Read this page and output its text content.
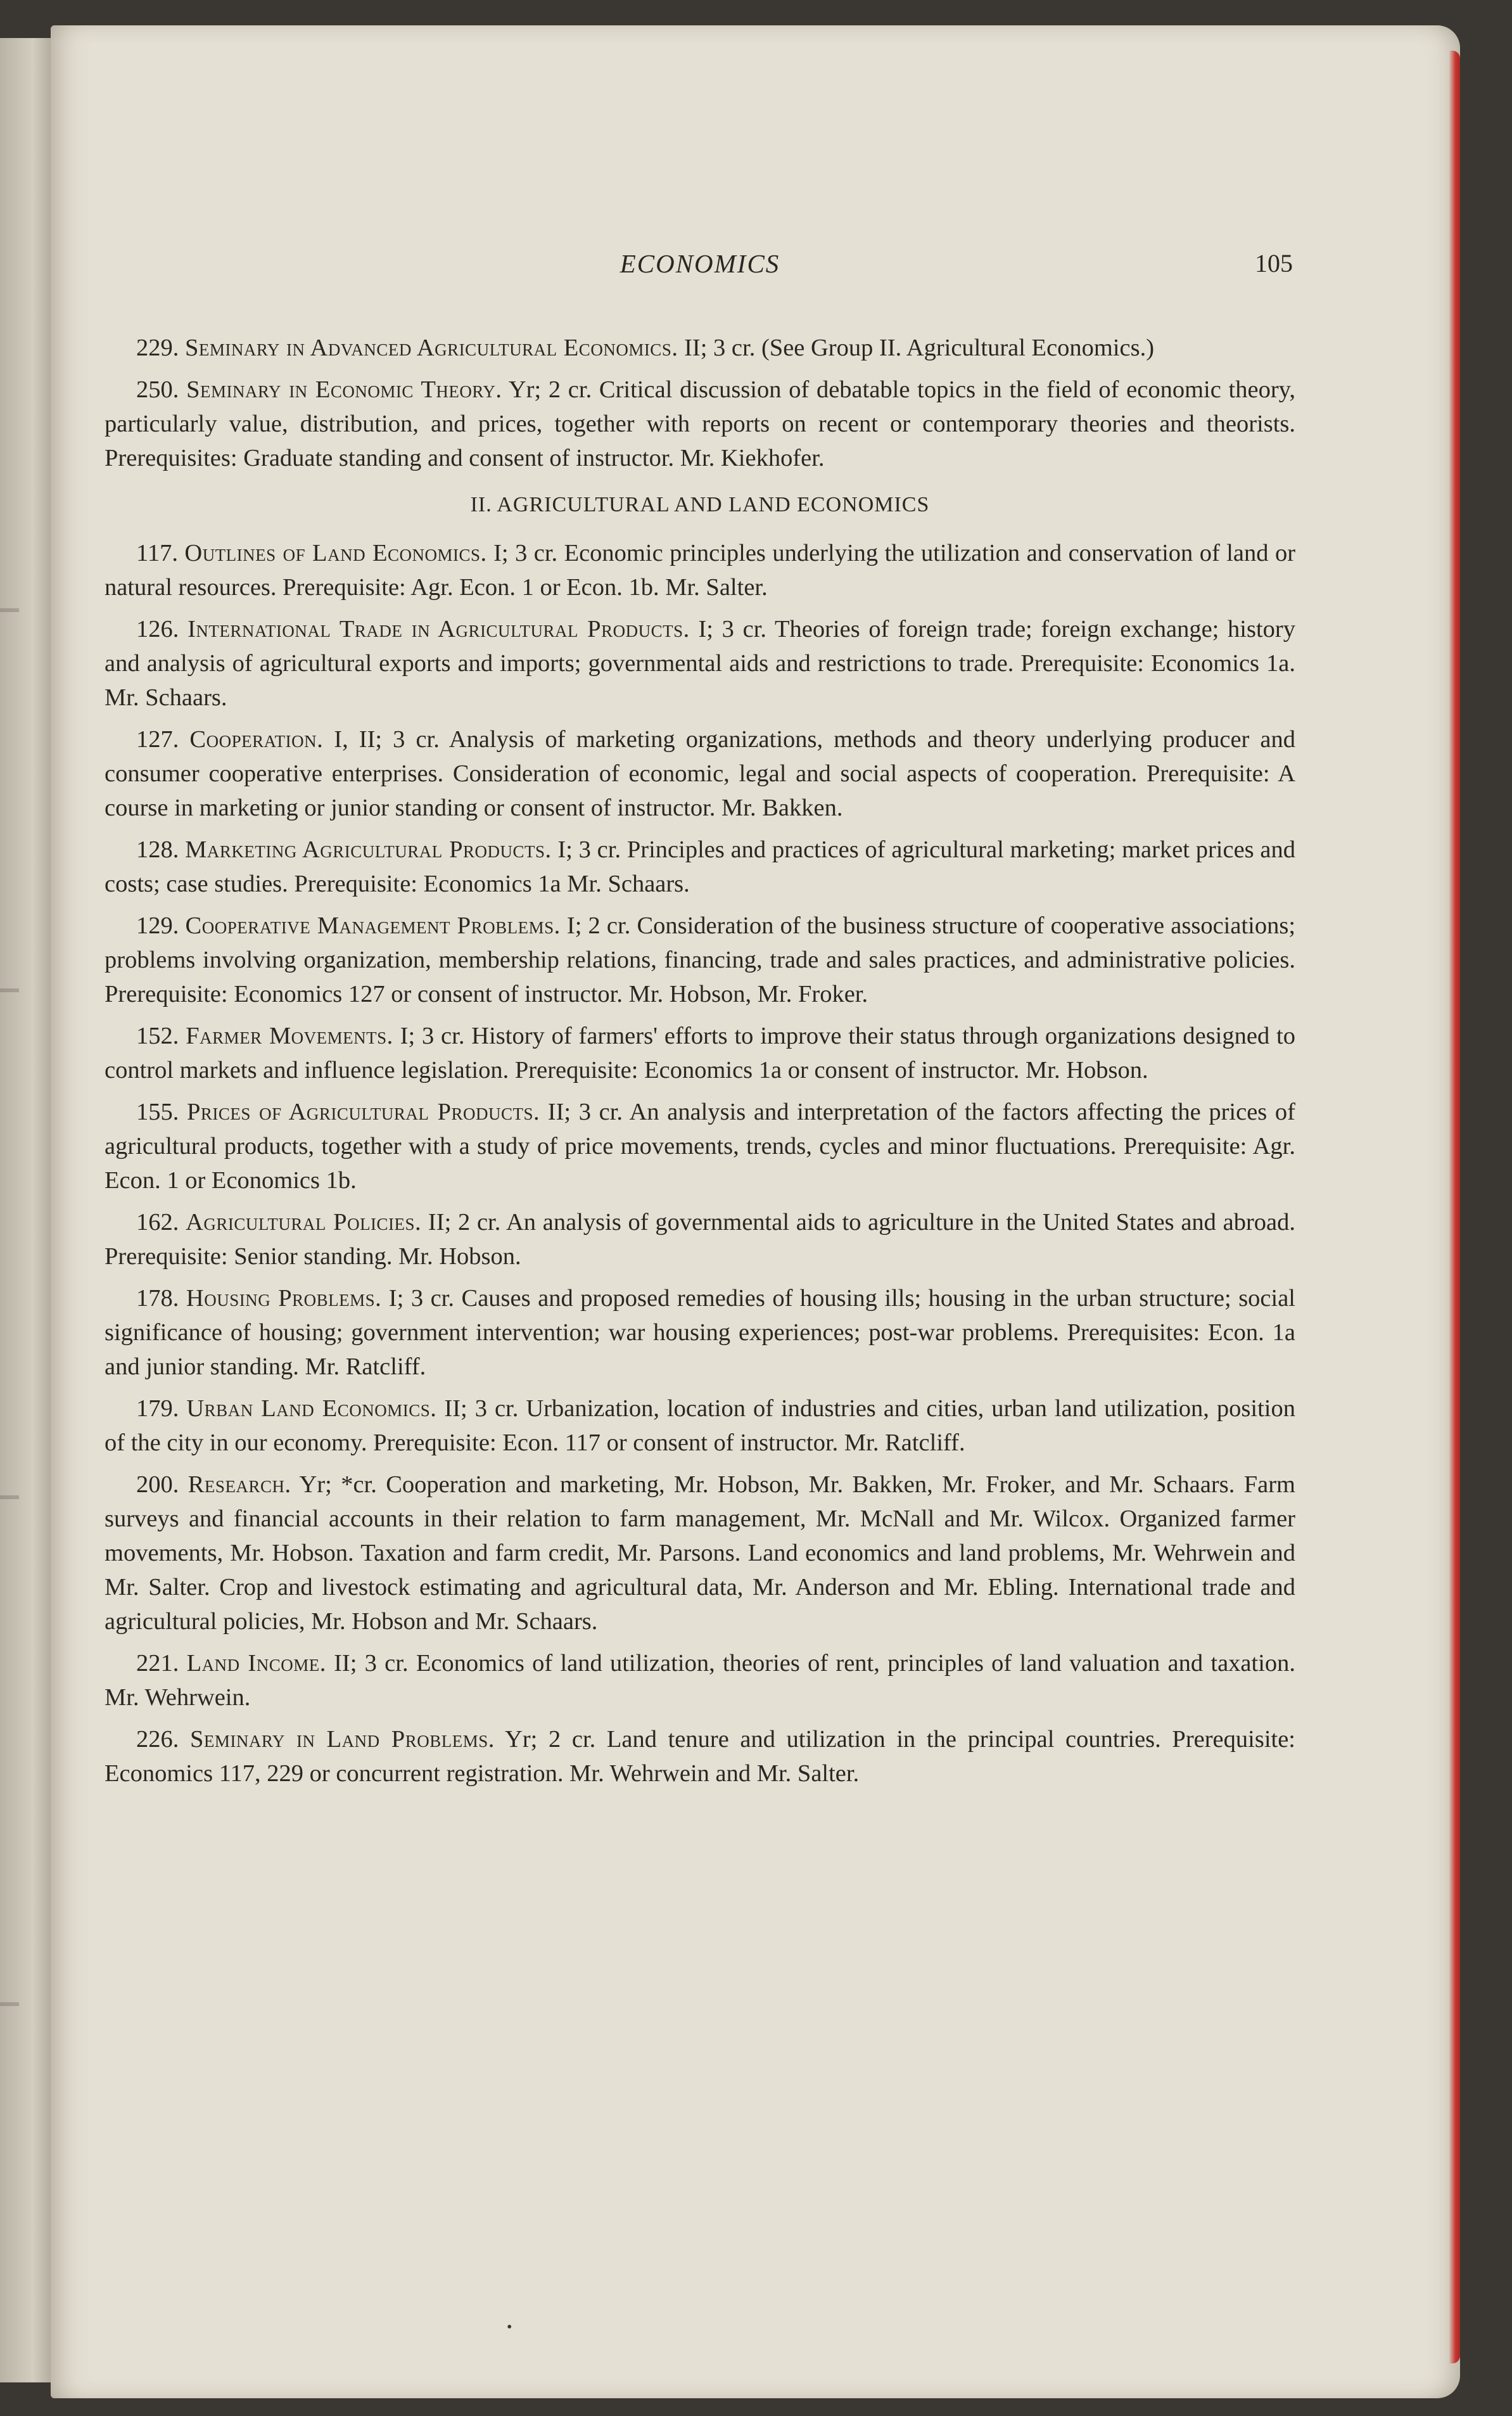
ECONOMICS	105

229. Seminary in Advanced Agricultural Economics. II; 3 cr. (See Group II. Agricultural Economics.)

250. Seminary in Economic Theory. Yr; 2 cr. Critical discussion of debatable topics in the field of economic theory, particularly value, distribution, and prices, together with reports on recent or contemporary theories and theorists. Prerequisites: Graduate standing and consent of instructor. Mr. Kiekhofer.

II. AGRICULTURAL AND LAND ECONOMICS

117. Outlines of Land Economics. I; 3 cr. Economic principles underlying the utilization and conservation of land or natural resources. Prerequisite: Agr. Econ. 1 or Econ. 1b. Mr. Salter.

126. International Trade in Agricultural Products. I; 3 cr. Theories of foreign trade; foreign exchange; history and analysis of agricultural exports and imports; governmental aids and restrictions to trade. Prerequisite: Economics 1a. Mr. Schaars.

127. Cooperation. I, II; 3 cr. Analysis of marketing organizations, methods and theory underlying producer and consumer cooperative enterprises. Consideration of economic, legal and social aspects of cooperation. Prerequisite: A course in marketing or junior standing or consent of instructor. Mr. Bakken.

128. Marketing Agricultural Products. I; 3 cr. Principles and practices of agricultural marketing; market prices and costs; case studies. Prerequisite: Economics 1a Mr. Schaars.

129. Cooperative Management Problems. I; 2 cr. Consideration of the business structure of cooperative associations; problems involving organization, membership relations, financing, trade and sales practices, and administrative policies. Prerequisite: Economics 127 or consent of instructor. Mr. Hobson, Mr. Froker.

152. Farmer Movements. I; 3 cr. History of farmers' efforts to improve their status through organizations designed to control markets and influence legislation. Prerequisite: Economics 1a or consent of instructor. Mr. Hobson.

155. Prices of Agricultural Products. II; 3 cr. An analysis and interpretation of the factors affecting the prices of agricultural products, together with a study of price movements, trends, cycles and minor fluctuations. Prerequisite: Agr. Econ. 1 or Economics 1b.

162. Agricultural Policies. II; 2 cr. An analysis of governmental aids to agriculture in the United States and abroad. Prerequisite: Senior standing. Mr. Hobson.

178. Housing Problems. I; 3 cr. Causes and proposed remedies of housing ills; housing in the urban structure; social significance of housing; government intervention; war housing experiences; post-war problems. Prerequisites: Econ. 1a and junior standing. Mr. Ratcliff.

179. Urban Land Economics. II; 3 cr. Urbanization, location of industries and cities, urban land utilization, position of the city in our economy. Prerequisite: Econ. 117 or consent of instructor. Mr. Ratcliff.

200. Research. Yr; *cr. Cooperation and marketing, Mr. Hobson, Mr. Bakken, Mr. Froker, and Mr. Schaars. Farm surveys and financial accounts in their relation to farm management, Mr. McNall and Mr. Wilcox. Organized farmer movements, Mr. Hobson. Taxation and farm credit, Mr. Parsons. Land economics and land problems, Mr. Wehrwein and Mr. Salter. Crop and livestock estimating and agricultural data, Mr. Anderson and Mr. Ebling. International trade and agricultural policies, Mr. Hobson and Mr. Schaars.

221. Land Income. II; 3 cr. Economics of land utilization, theories of rent, principles of land valuation and taxation. Mr. Wehrwein.

226. Seminary in Land Problems. Yr; 2 cr. Land tenure and utilization in the principal countries. Prerequisite: Economics 117, 229 or concurrent registration. Mr. Wehrwein and Mr. Salter.

•
